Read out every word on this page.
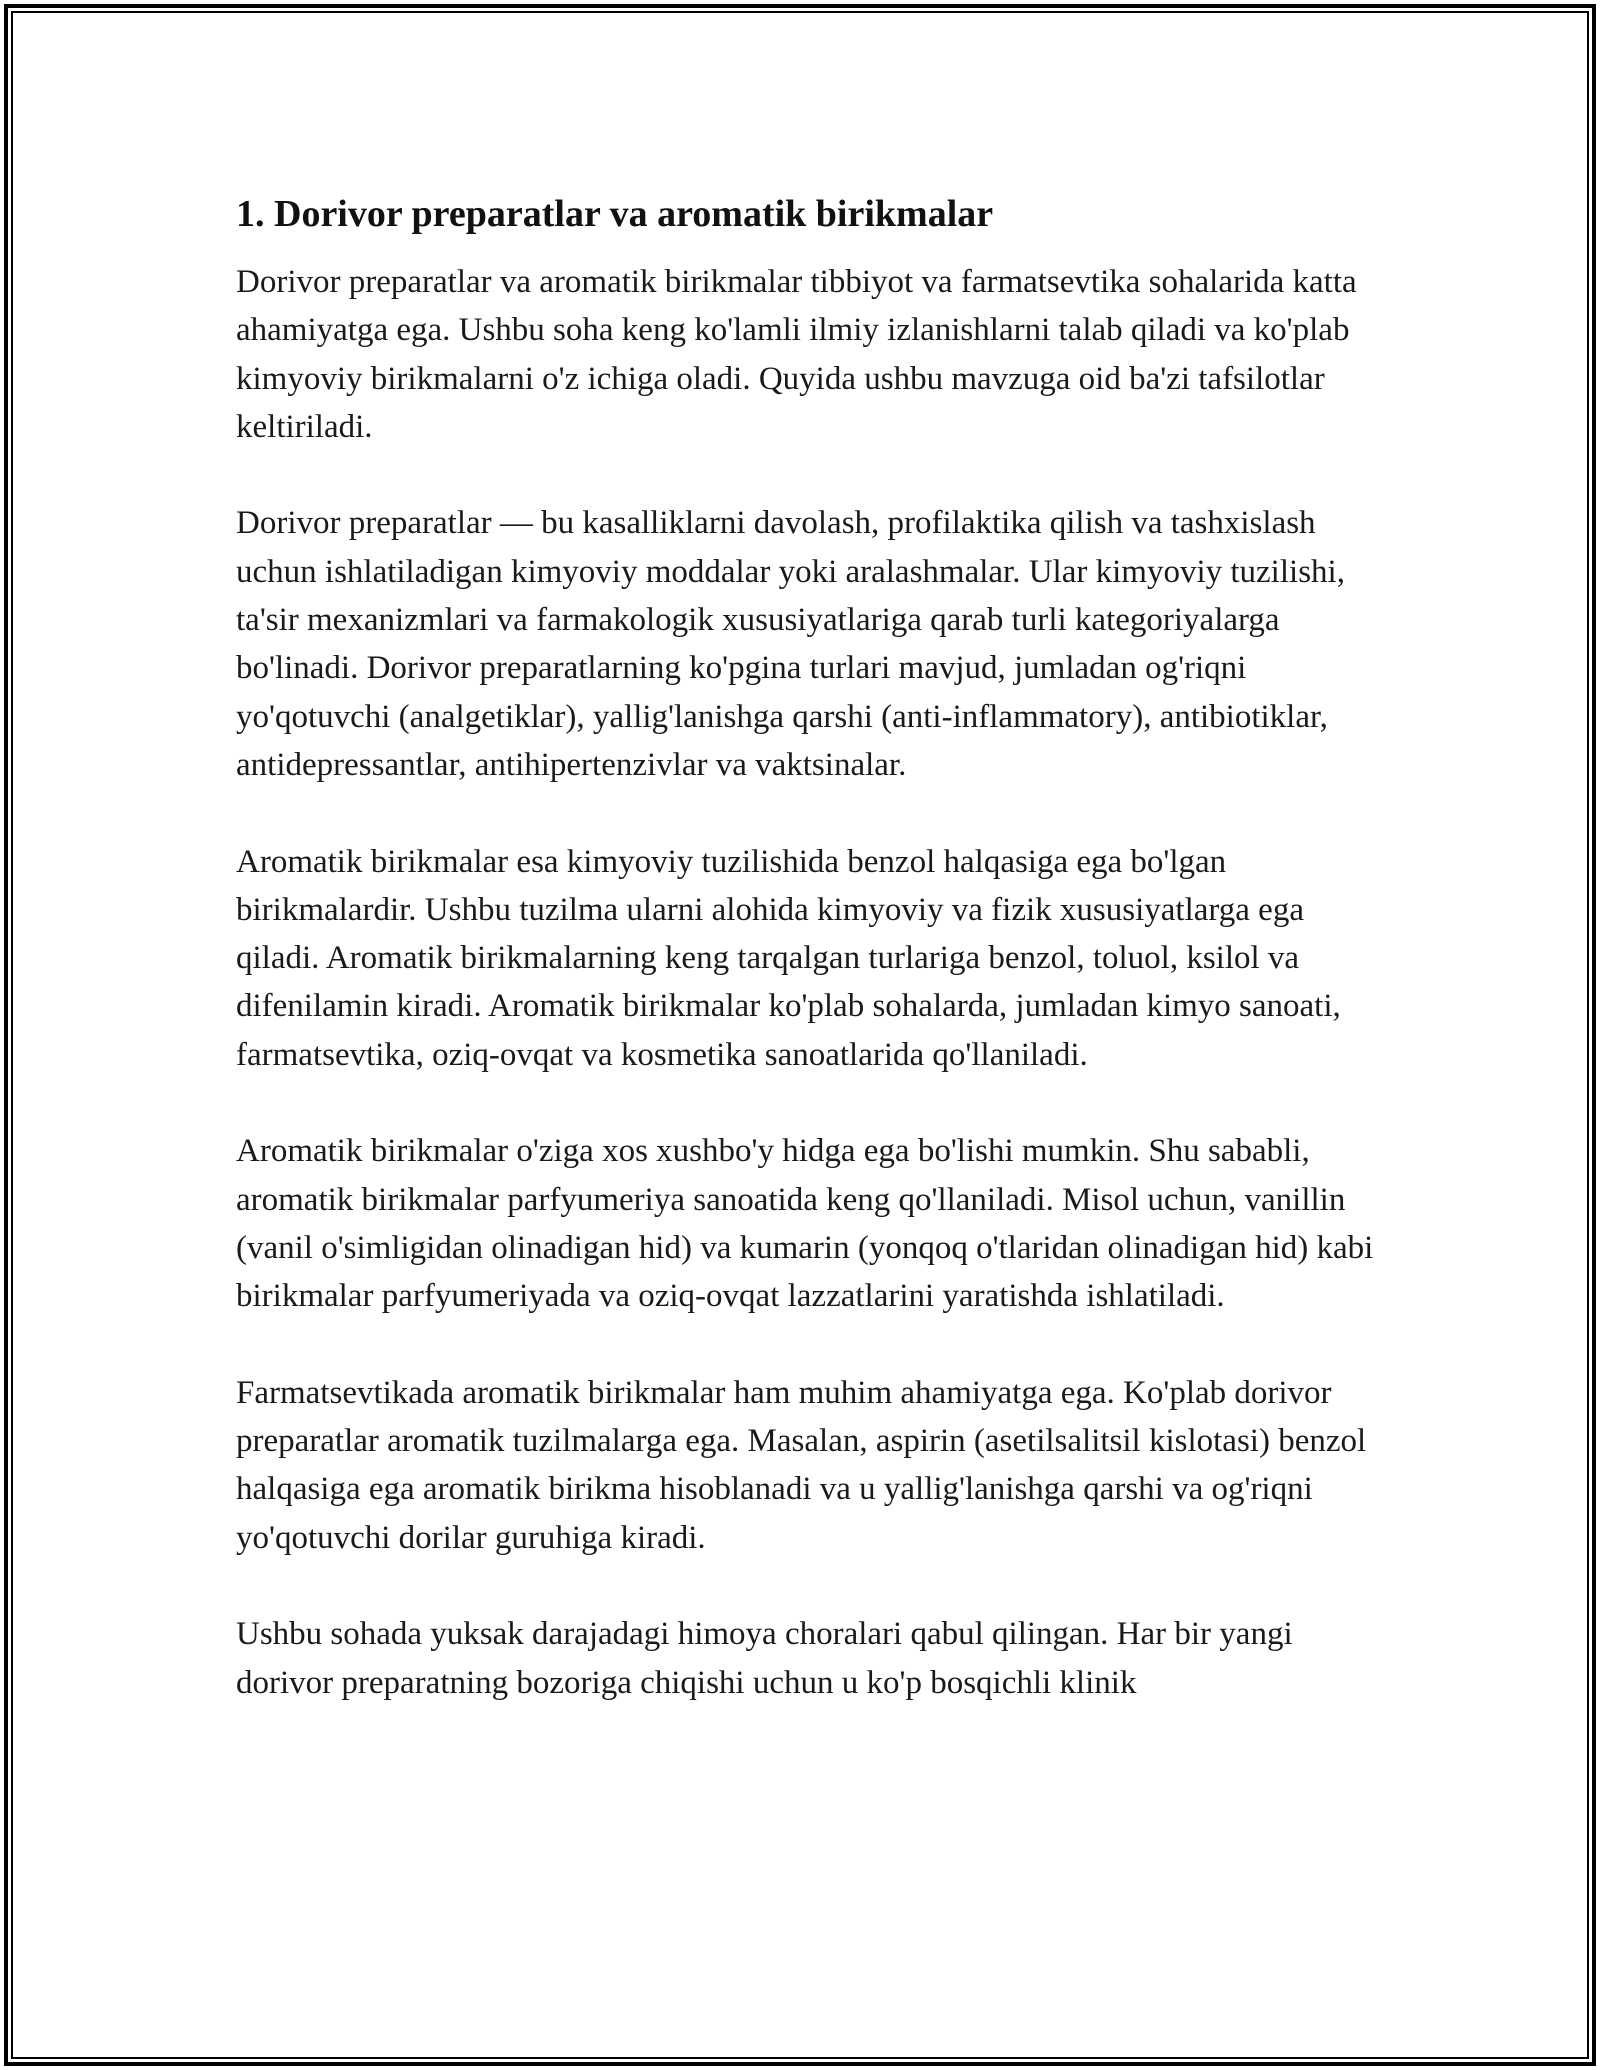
1. Dorivor preparatlar va aromatik birikmalar

Dorivor preparatlar va aromatik birikmalar tibbiyot va farmatsevtika sohalarida katta ahamiyatga ega. Ushbu soha keng ko'lamli ilmiy izlanishlarni talab qiladi va ko'plab kimyoviy birikmalarni o'z ichiga oladi. Quyida ushbu mavzuga oid ba'zi tafsilotlar keltiriladi.

Dorivor preparatlar — bu kasalliklarni davolash, profilaktika qilish va tashxislash uchun ishlatiladigan kimyoviy moddalar yoki aralashmalar. Ular kimyoviy tuzilishi, ta'sir mexanizmlari va farmakologik xususiyatlariga qarab turli kategoriyalarga bo'linadi. Dorivor preparatlarning ko'pgina turlari mavjud, jumladan og'riqni yo'qotuvchi (analgetiklar), yallig'lanishga qarshi (anti-inflammatory), antibiotiklar, antidepressantlar, antihipertenzivlar va vaktsinalar.

Aromatik birikmalar esa kimyoviy tuzilishida benzol halqasiga ega bo'lgan birikmalardir. Ushbu tuzilma ularni alohida kimyoviy va fizik xususiyatlarga ega qiladi. Aromatik birikmalarning keng tarqalgan turlariga benzol, toluol, ksilol va difenilamin kiradi. Aromatik birikmalar ko'plab sohalarda, jumladan kimyo sanoati, farmatsevtika, oziq-ovqat va kosmetika sanoatlarida qo'llaniladi.

Aromatik birikmalar o'ziga xos xushbo'y hidga ega bo'lishi mumkin. Shu sababli, aromatik birikmalar parfyumeriya sanoatida keng qo'llaniladi. Misol uchun, vanillin (vanil o'simligidan olinadigan hid) va kumarin (yonqoq o'tlaridan olinadigan hid) kabi birikmalar parfyumeriyada va oziq-ovqat lazzatlarini yaratishda ishlatiladi.

Farmatsevtikada aromatik birikmalar ham muhim ahamiyatga ega. Ko'plab dorivor preparatlar aromatik tuzilmalarga ega. Masalan, aspirin (asetilsalitsil kislotasi) benzol halqasiga ega aromatik birikma hisoblanadi va u yallig'lanishga qarshi va og'riqni yo'qotuvchi dorilar guruhiga kiradi.

Ushbu sohada yuksak darajadagi himoya choralari qabul qilingan. Har bir yangi dorivor preparatning bozoriga chiqishi uchun u ko'p bosqichli klinik
